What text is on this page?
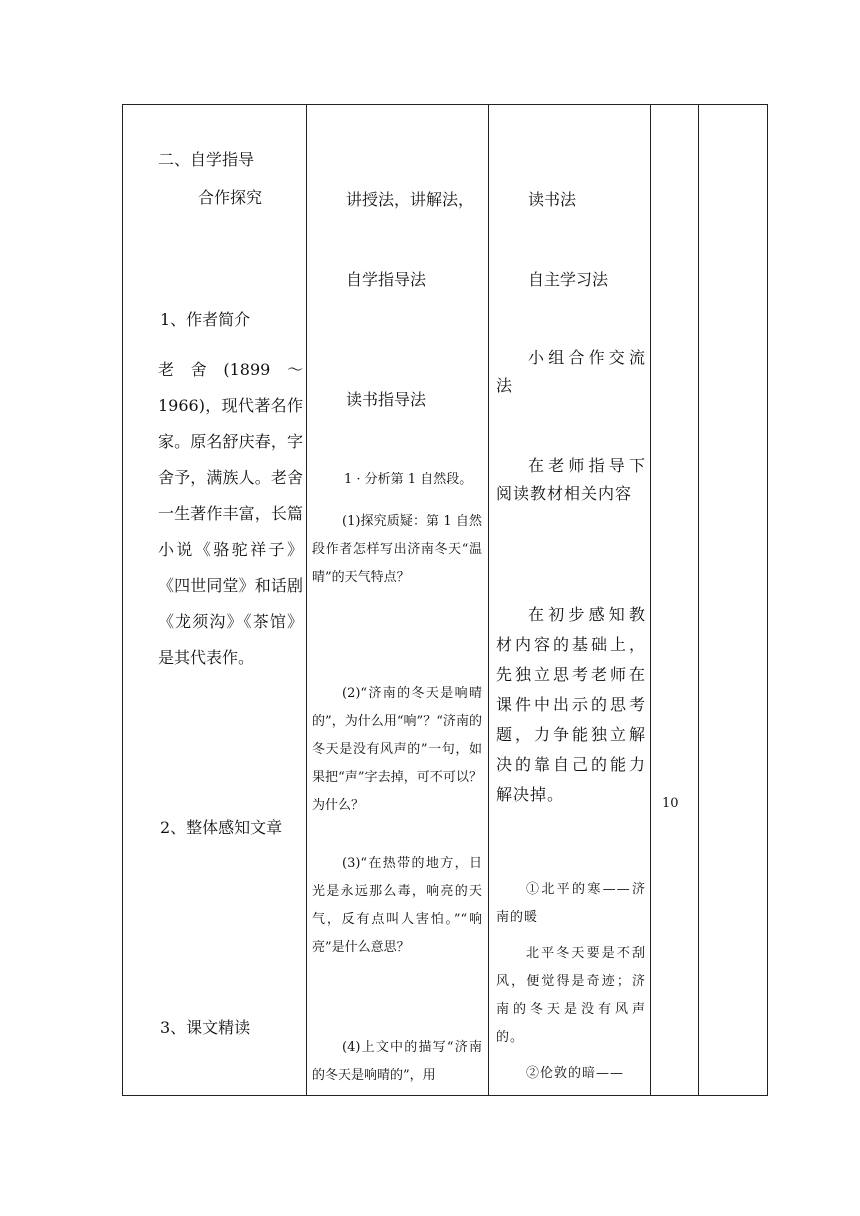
二、自学指导
合作探究
1、作者简介
老舍(1899～1966)，现代著名作家。原名舒庆春，字舍予，满族人。老舍一生著作丰富，长篇小说《骆驼祥子》《四世同堂》和话剧《龙须沟》《茶馆》是其代表作。
2、整体感知文章
3、课文精读
讲授法，讲解法，
自学指导法
读书指导法
1 · 分析第 1 自然段。
(1)探究质疑：第 1 自然段作者怎样写出济南冬天“温晴”的天气特点？
(2)“济南的冬天是响晴的”，为什么用“响”？“济南的冬天是没有风声的”一句，如果把“声”字去掉，可不可以？为什么？
(3)“在热带的地方，日光是永远那么毒，响亮的天气，反有点叫人害怕。”“响亮”是什么意思？
(4)上文中的描写“济南的冬天是响晴的”，用
读书法
自主学习法
小组合作交流法
在老师指导下阅读教材相关内容
在初步感知教材内容的基础上，先独立思考老师在课件中出示的思考题，力争能独立解决的靠自己的能力解决掉。
①北平的寒——济南的暖
北平冬天要是不刮风，便觉得是奇迹；济南的冬天是没有风声的。
②伦敦的暗——
10
